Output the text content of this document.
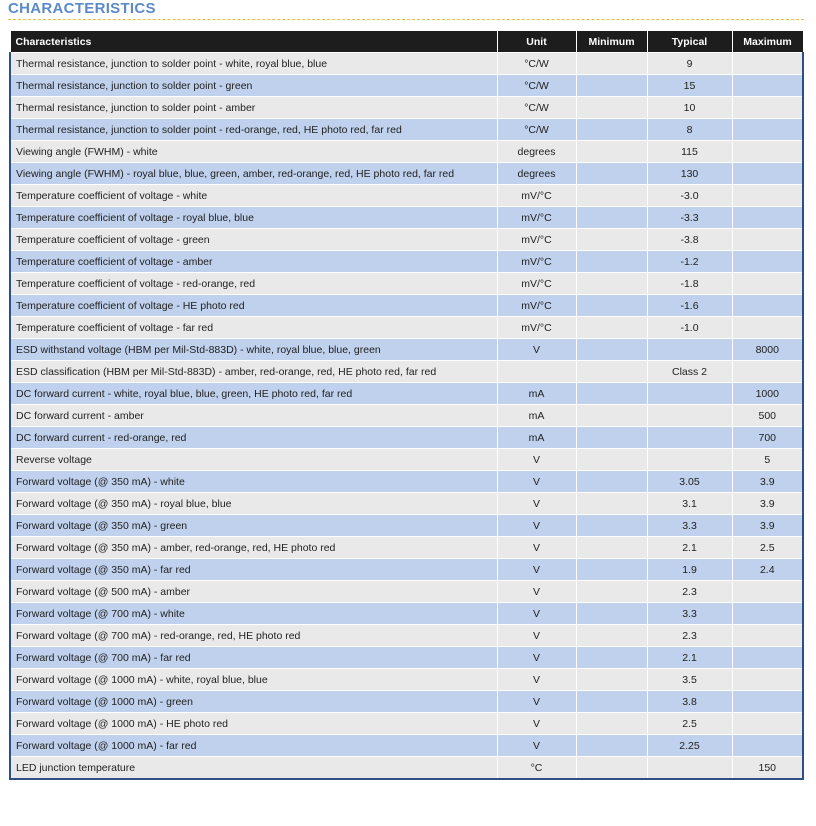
CHARACTERISTICS
Characteristics	Unit	Minimum	Typical	Maximum
Thermal resistance, junction to solder point - white, royal blue, blue	°C/W		9	
Thermal resistance, junction to solder point - green	°C/W		15	
Thermal resistance, junction to solder point - amber	°C/W		10	
Thermal resistance, junction to solder point - red-orange, red, HE photo red, far red	°C/W		8	
Viewing angle (FWHM) - white	degrees		115	
Viewing angle (FWHM) - royal blue, blue, green, amber, red-orange, red, HE photo red, far red	degrees		130	
Temperature coefficient of voltage - white	mV/°C		-3.0	
Temperature coefficient of voltage - royal blue, blue	mV/°C		-3.3	
Temperature coefficient of voltage - green	mV/°C		-3.8	
Temperature coefficient of voltage - amber	mV/°C		-1.2	
Temperature coefficient of voltage - red-orange, red	mV/°C		-1.8	
Temperature coefficient of voltage - HE photo red	mV/°C		-1.6	
Temperature coefficient of voltage - far red	mV/°C		-1.0	
ESD withstand voltage (HBM per Mil-Std-883D) - white, royal blue, blue, green	V			8000
ESD classification (HBM per Mil-Std-883D) - amber, red-orange, red, HE photo red, far red			Class 2	
DC forward current - white, royal blue, blue, green, HE photo red, far red	mA			1000
DC forward current - amber	mA			500
DC forward current - red-orange, red	mA			700
Reverse voltage	V			5
Forward voltage (@ 350 mA) - white	V		3.05	3.9
Forward voltage (@ 350 mA) - royal blue, blue	V		3.1	3.9
Forward voltage (@ 350 mA) - green	V		3.3	3.9
Forward voltage (@ 350 mA) - amber, red-orange, red, HE photo red	V		2.1	2.5
Forward voltage (@ 350 mA) - far red	V		1.9	2.4
Forward voltage (@ 500 mA) - amber	V		2.3	
Forward voltage (@ 700 mA) - white	V		3.3	
Forward voltage (@ 700 mA) - red-orange, red, HE photo red	V		2.3	
Forward voltage (@ 700 mA) - far red	V		2.1	
Forward voltage (@ 1000 mA) - white, royal blue, blue	V		3.5	
Forward voltage (@ 1000 mA) - green	V		3.8	
Forward voltage (@ 1000 mA) - HE photo red	V		2.5	
Forward voltage (@ 1000 mA) - far red	V		2.25	
LED junction temperature	°C			150
